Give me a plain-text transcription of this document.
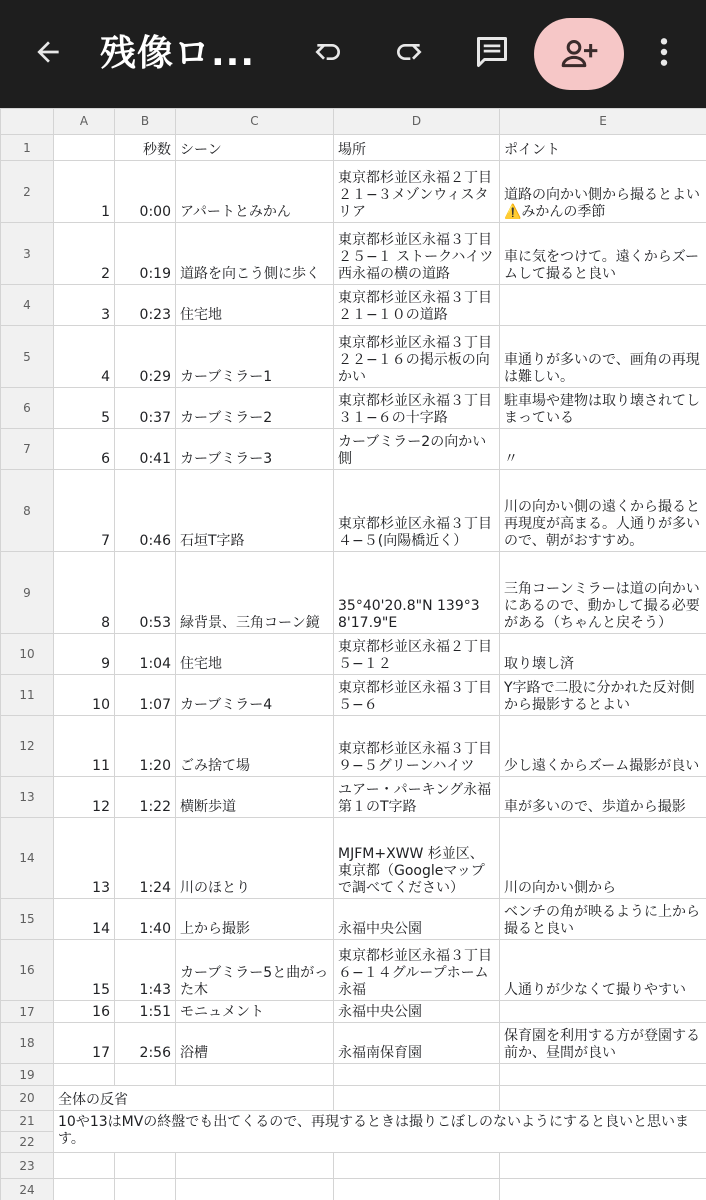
残像ロ...
	A	B	C	D	E
1		秒数	シーン	場所	ポイント
2	1	0:00	アパートとみかん	東京都杉並区永福２丁目２１−３メゾンウィスタリア	道路の向かい側から撮るとよい⚠️みかんの季節
3	2	0:19	道路を向こう側に歩く	東京都杉並区永福３丁目２５−１ ストークハイツ西永福の横の道路	車に気をつけて。遠くからズームして撮ると良い
4	3	0:23	住宅地	東京都杉並区永福３丁目２１−１０の道路	
5	4	0:29	カーブミラー1	東京都杉並区永福３丁目２２−１６の掲示板の向かい	車通りが多いので、画角の再現は難しい。
6	5	0:37	カーブミラー2	東京都杉並区永福３丁目３１−６の十字路	駐車場や建物は取り壊されてしまっている
7	6	0:41	カーブミラー3	カーブミラー2の向かい側	〃
8	7	0:46	石垣T字路	東京都杉並区永福３丁目４−５(向陽橋近く）	川の向かい側の遠くから撮ると再現度が高まる。人通りが多いので、朝がおすすめ。
9	8	0:53	緑背景、三角コーン鏡	35°40'20.8"N 139°38'17.9"E	三角コーンミラーは道の向かいにあるので、動かして撮る必要がある（ちゃんと戻そう）
10	9	1:04	住宅地	東京都杉並区永福２丁目５−１２	取り壊し済
11	10	1:07	カーブミラー4	東京都杉並区永福３丁目５−６	Y字路で二股に分かれた反対側から撮影するとよい
12	11	1:20	ごみ捨て場	東京都杉並区永福３丁目９−５グリーンハイツ	少し遠くからズーム撮影が良い
13	12	1:22	横断歩道	ユアー・パーキング永福第１のT字路	車が多いので、歩道から撮影
14	13	1:24	川のほとり	MJFM+XWW 杉並区、東京都（Googleマップで調べてください）	川の向かい側から
15	14	1:40	上から撮影	永福中央公園	ベンチの角が映るように上から撮ると良い
16	15	1:43	カーブミラー5と曲がった木	東京都杉並区永福３丁目６−１４グループホーム永福	人通りが少なくて撮りやすい
17	16	1:51	モニュメント	永福中央公園	
18	17	2:56	浴槽	永福南保育園	保育園を利用する方が登園する前か、昼間が良い
19					
20	全体の反省				
21	10や13はMVの終盤でも出てくるので、再現するときは撮りこぼしのないようにすると良いと思います。				
22					
23					
24					
